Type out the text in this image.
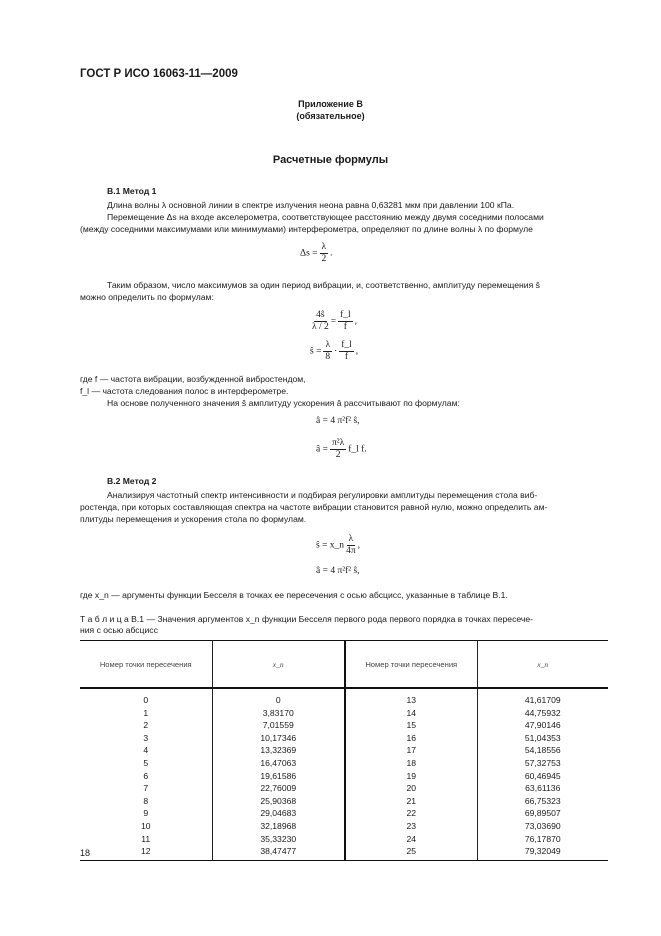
ГОСТ Р ИСО 16063-11—2009
Приложение B
(обязательное)
Расчетные формулы
B.1 Метод 1
Длина волны λ основной линии в спектре излучения неона равна 0,63281 мкм при давлении 100 кПа.
Перемещение Δs на входе акселерометра, соответствующее расстоянию между двумя соседними полосами
(между соседними максимумами или минимумами) интерферометра, определяют по длине волны λ по формуле
$\Delta s = \frac{\lambda}{2}$ .
Таким образом, число максимумов за один период вибрации, и, соответственно, амплитуду перемещения ŝ
можно определить по формулам:
$\frac{4ŝ}{\lambda / 2} = \frac{f\_l}{f}$ ,
ŝ = $\frac{\lambda}{8} \cdot \frac{f\_l}{f}$ ,
где f — частота вибрации, возбужденной вибростендом,
f_l — частота следования полос в интерферометре.
На основе полученного значения ŝ амплитуду ускорения â рассчитывают по формулам:
â = 4 π²f² ŝ,
â = $\frac{\text{π²λ}}{2}$ f_l f.
B.2 Метод 2
Анализируя частотный спектр интенсивности и подбирая регулировки амплитуды перемещения стола виб-
ростенда, при которых составляющая спектра на частоте вибрации становится равной нулю, можно определить ам-
плитуды перемещения и ускорения стола по формулам.
ŝ = x_n $\frac{\lambda}{4\pi}$ ,
â = 4 π²f² ŝ,
где x_n — аргументы функции Бесселя в точках ее пересечения с осью абсцисс, указанные в таблице B.1.
Т а б л и ц а B.1 — Значения аргументов x_n функции Бесселя первого рода первого порядка в точках пересече-
ния с осью абсцисс
Номер точки пересечения	x_n	Номер точки пересечения	x_n
0	0	13	41,61709
1	3,83170	14	44,75932
2	7,01559	15	47,90146
3	10,17346	16	51,04353
4	13,32369	17	54,18556
5	16,47063	18	57,32753
6	19,61586	19	60,46945
7	22,76009	20	63,61136
8	25,90368	21	66,75323
9	29,04683	22	69,89507
10	32,18968	23	73,03690
11	35,33230	24	76,17870
12	38,47477	25	79,32049
18
